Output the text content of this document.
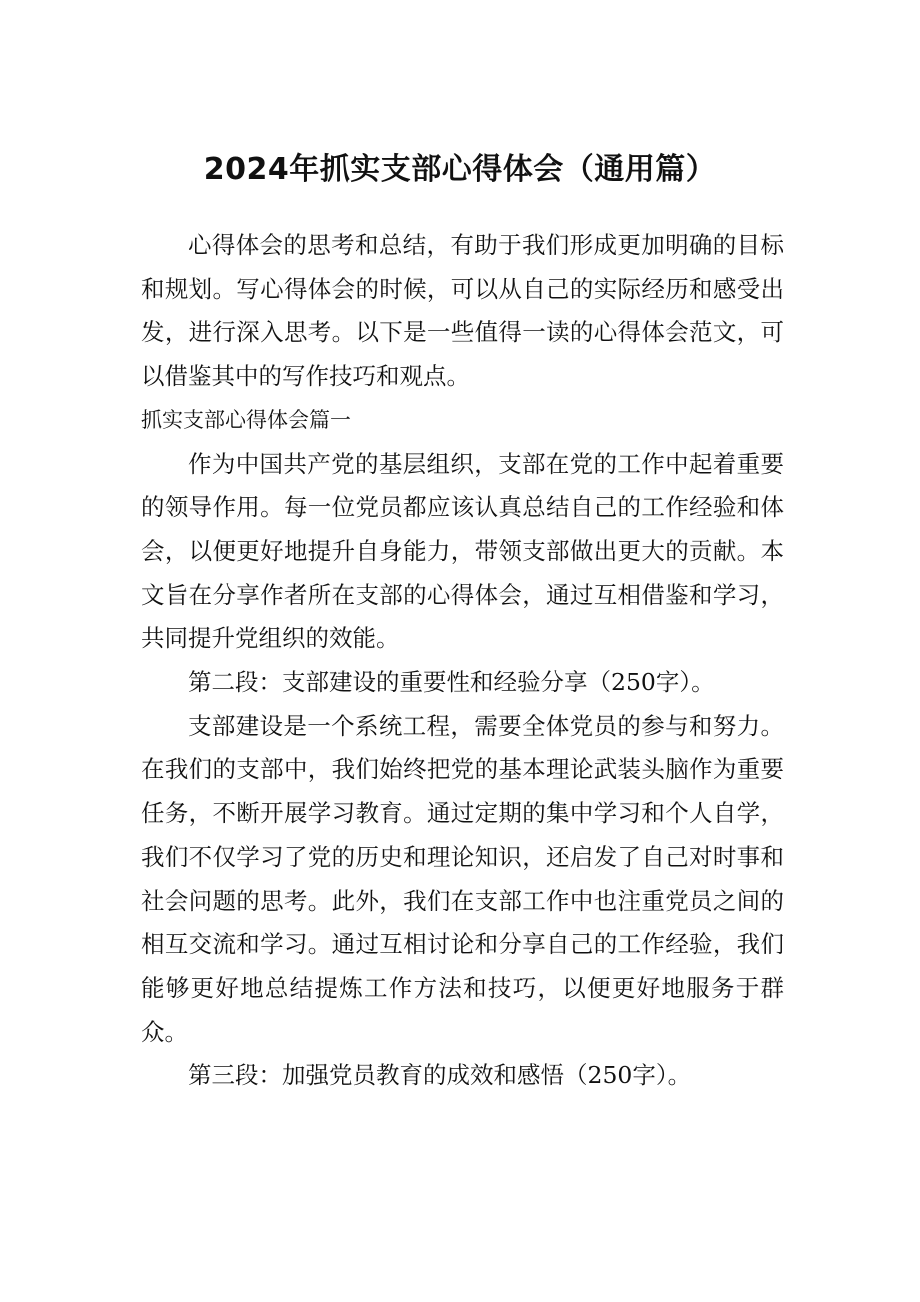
2024年抓实支部心得体会（通用篇）

心得体会的思考和总结，有助于我们形成更加明确的目标和规划。写心得体会的时候，可以从自己的实际经历和感受出发，进行深入思考。以下是一些值得一读的心得体会范文，可以借鉴其中的写作技巧和观点。

抓实支部心得体会篇一

作为中国共产党的基层组织，支部在党的工作中起着重要的领导作用。每一位党员都应该认真总结自己的工作经验和体会，以便更好地提升自身能力，带领支部做出更大的贡献。本文旨在分享作者所在支部的心得体会，通过互相借鉴和学习，共同提升党组织的效能。

第二段：支部建设的重要性和经验分享（250字）。

支部建设是一个系统工程，需要全体党员的参与和努力。在我们的支部中，我们始终把党的基本理论武装头脑作为重要任务，不断开展学习教育。通过定期的集中学习和个人自学，我们不仅学习了党的历史和理论知识，还启发了自己对时事和社会问题的思考。此外，我们在支部工作中也注重党员之间的相互交流和学习。通过互相讨论和分享自己的工作经验，我们能够更好地总结提炼工作方法和技巧，以便更好地服务于群众。

第三段：加强党员教育的成效和感悟（250字）。
